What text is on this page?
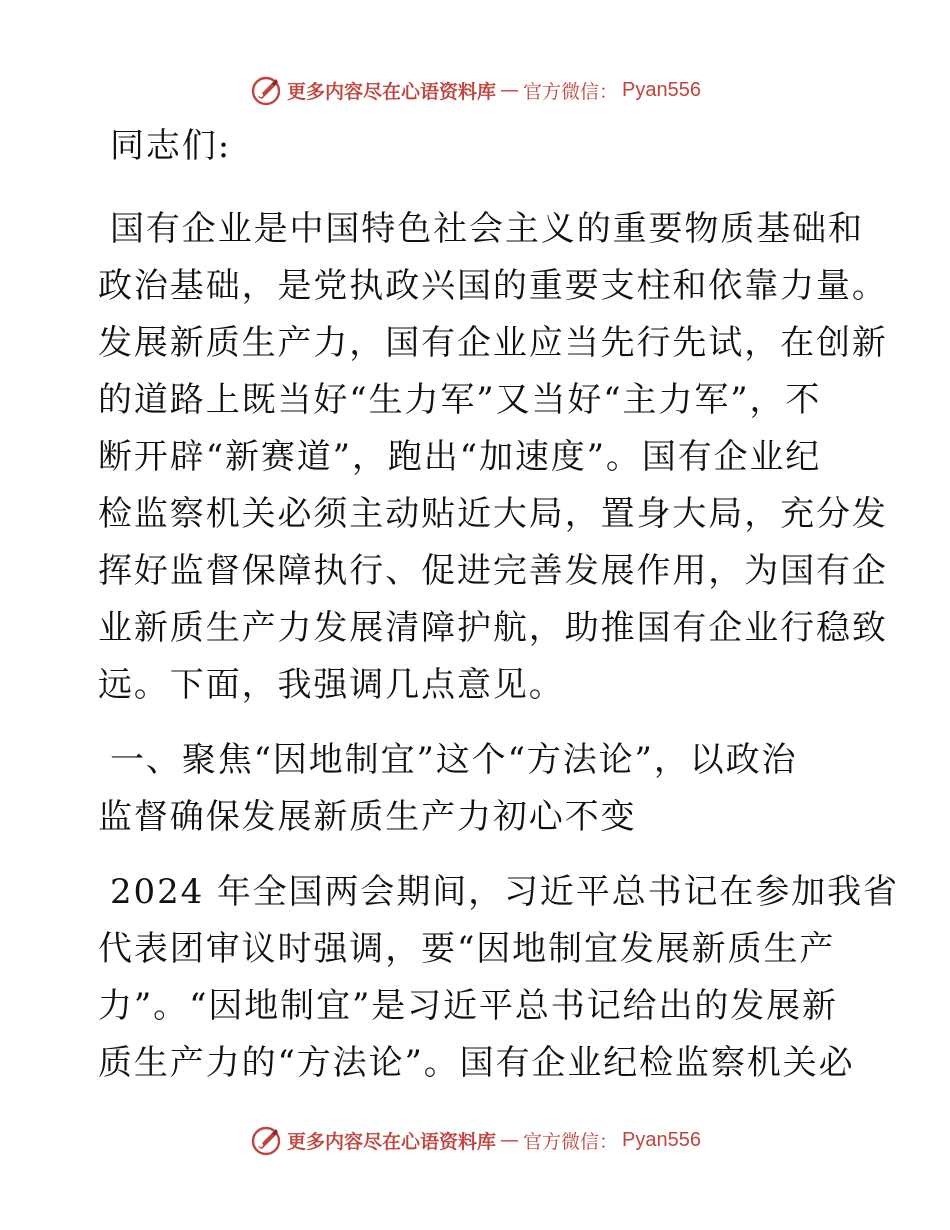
更多内容尽在心语资料库 — 官方微信： Pyan556

同志们:

国有企业是中国特色社会主义的重要物质基础和
政治基础，是党执政兴国的重要支柱和依靠力量。
发展新质生产力，国有企业应当先行先试，在创新
的道路上既当好“生力军”又当好“主力军”，不
断开辟“新赛道”，跑出“加速度”。国有企业纪
检监察机关必须主动贴近大局，置身大局，充分发
挥好监督保障执行、促进完善发展作用，为国有企
业新质生产力发展清障护航，助推国有企业行稳致
远。下面，我强调几点意见。

一、聚焦“因地制宜”这个“方法论”，以政治
监督确保发展新质生产力初心不变

2024 年全国两会期间，习近平总书记在参加我省
代表团审议时强调，要“因地制宜发展新质生产
力”。“因地制宜”是习近平总书记给出的发展新
质生产力的“方法论”。国有企业纪检监察机关必

更多内容尽在心语资料库 — 官方微信： Pyan556
